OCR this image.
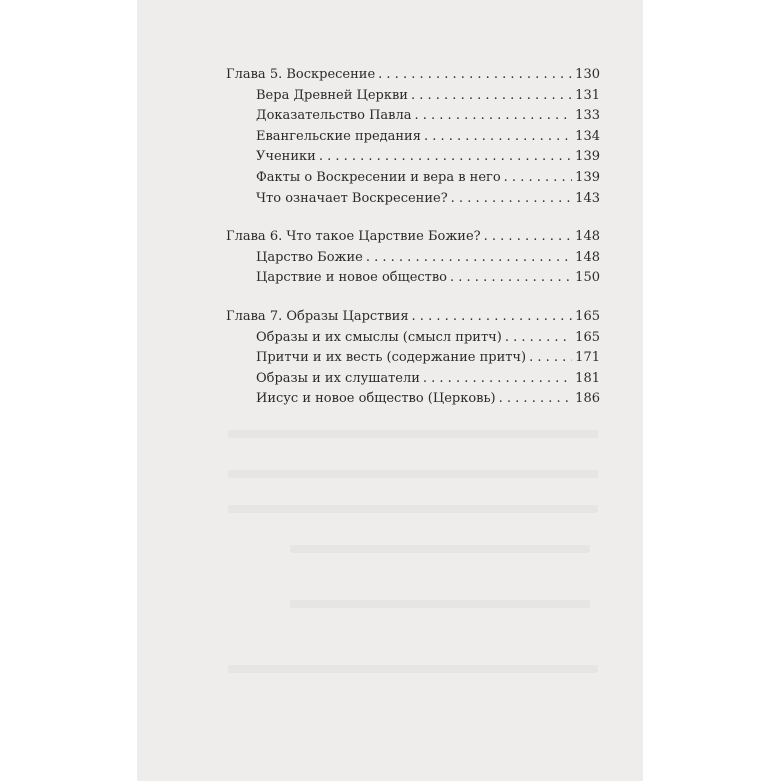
Глава 5. Воскресение . . .	130
Вера Древней Церкви . . .	131
Доказательство Павла . . .	133
Евангельские предания . . .	134
Ученики . . .	139
Факты о Воскресении и вера в него . . .	139
Что означает Воскресение? . . .	143
Глава 6. Что такое Царствие Божие? . . .	148
Царство Божие . . .	148
Царствие и новое общество . . .	150
Глава 7. Образы Царствия . . .	165
Образы и их смыслы (смысл притч) . . .	165
Притчи и их весть (содержание притч) . . .	171
Образы и их слушатели . . .	181
Иисус и новое общество (Церковь) . . .	186
